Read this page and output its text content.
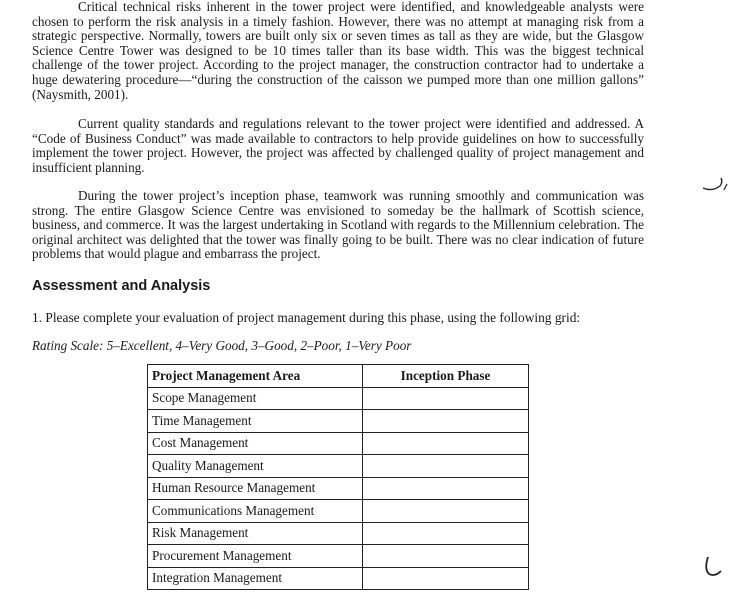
Critical technical risks inherent in the tower project were identified, and knowledgeable analysts were chosen to perform the risk analysis in a timely fashion. However, there was no attempt at managing risk from a strategic perspective. Normally, towers are built only six or seven times as tall as they are wide, but the Glasgow Science Centre Tower was designed to be 10 times taller than its base width. This was the biggest technical challenge of the tower project. According to the project manager, the construction contractor had to undertake a huge dewatering procedure—“during the construction of the caisson we pumped more than one million gallons” (Naysmith, 2001).

Current quality standards and regulations relevant to the tower project were identified and addressed. A “Code of Business Conduct” was made available to contractors to help provide guidelines on how to successfully implement the tower project. However, the project was affected by challenged quality of project management and insufficient planning.

During the tower project’s inception phase, teamwork was running smoothly and communication was strong. The entire Glasgow Science Centre was envisioned to someday be the hallmark of Scottish science, business, and commerce. It was the largest undertaking in Scotland with regards to the Millennium celebration. The original architect was delighted that the tower was finally going to be built. There was no clear indication of future problems that would plague and embarrass the project.

Assessment and Analysis

1. Please complete your evaluation of project management during this phase, using the following grid:

Rating Scale: 5–Excellent, 4–Very Good, 3–Good, 2–Poor, 1–Very Poor

Project Management Area	Inception Phase
Scope Management	
Time Management	
Cost Management	
Quality Management	
Human Resource Management	
Communications Management	
Risk Management	
Procurement Management	
Integration Management	
